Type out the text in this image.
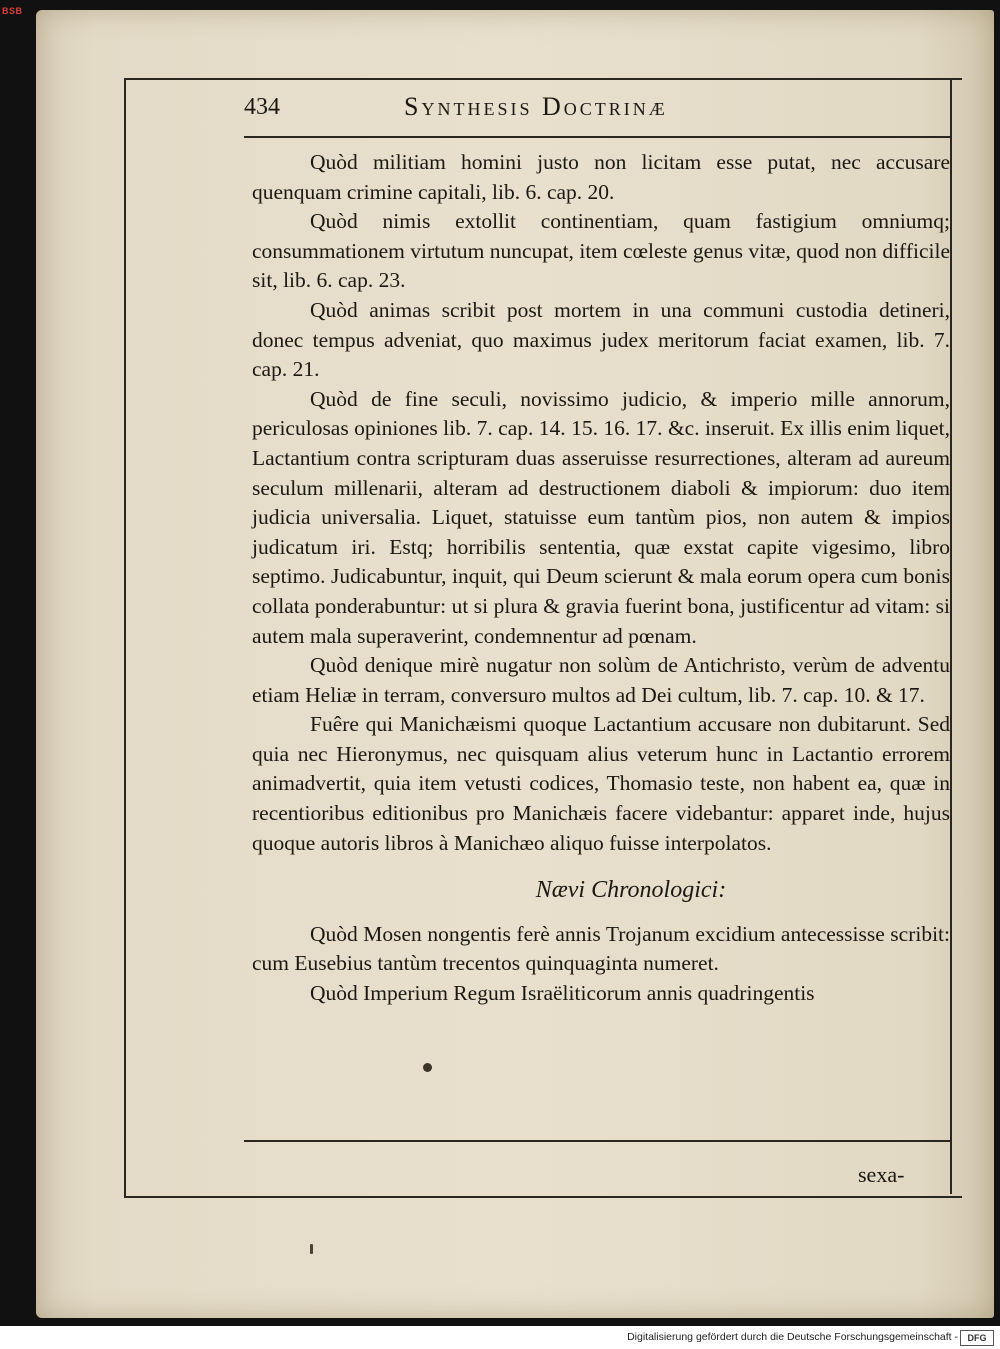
BSB
434	Synthesis Doctrinæ

Quòd militiam homini justo non licitam esse putat, nec accusare quenquam crimine capitali, lib. 6. cap. 20.

Quòd nimis extollit continentiam, quam fastigium omniumq; consummationem virtutum nuncupat, item cœleste genus vitæ, quod non difficile sit, lib. 6. cap. 23.

Quòd animas scribit post mortem in una communi custodia detineri, donec tempus adveniat, quo maximus judex meritorum faciat examen, lib. 7. cap. 21.

Quòd de fine seculi, novissimo judicio, & imperio mille annorum, periculosas opiniones lib. 7. cap. 14. 15. 16. 17. &c. inseruit. Ex illis enim liquet, Lactantium contra scripturam duas asseruisse resurrectiones, alteram ad aureum seculum millenarii, alteram ad destructionem diaboli & impiorum: duo item judicia universalia. Liquet, statuisse eum tantùm pios, non autem & impios judicatum iri. Estq; horribilis sententia, quæ exstat capite vigesimo, libro septimo. Judicabuntur, inquit, qui Deum scierunt & mala eorum opera cum bonis collata ponderabuntur: ut si plura & gravia fuerint bona, justificentur ad vitam: si autem mala superaverint, condemnentur ad pœnam.

Quòd denique mirè nugatur non solùm de Antichristo, verùm de adventu etiam Heliæ in terram, conversuro multos ad Dei cultum, lib. 7. cap. 10. & 17.

Fuêre qui Manichæismi quoque Lactantium accusare non dubitarunt. Sed quia nec Hieronymus, nec quisquam alius veterum hunc in Lactantio errorem animadvertit, quia item vetusti codices, Thomasio teste, non habent ea, quæ in recentioribus editionibus pro Manichæis facere videbantur: apparet inde, hujus quoque autoris libros à Manichæo aliquo fuisse interpolatos.

Nævi Chronologici:

Quòd Mosen nongentis ferè annis Trojanum excidium antecessisse scribit: cum Eusebius tantùm trecentos quinquaginta numeret.

Quòd Imperium Regum Israëliticorum annis quadringentis

sexa-
Digitalisierung gefördert durch die Deutsche Forschungsgemeinschaft -	DFG
